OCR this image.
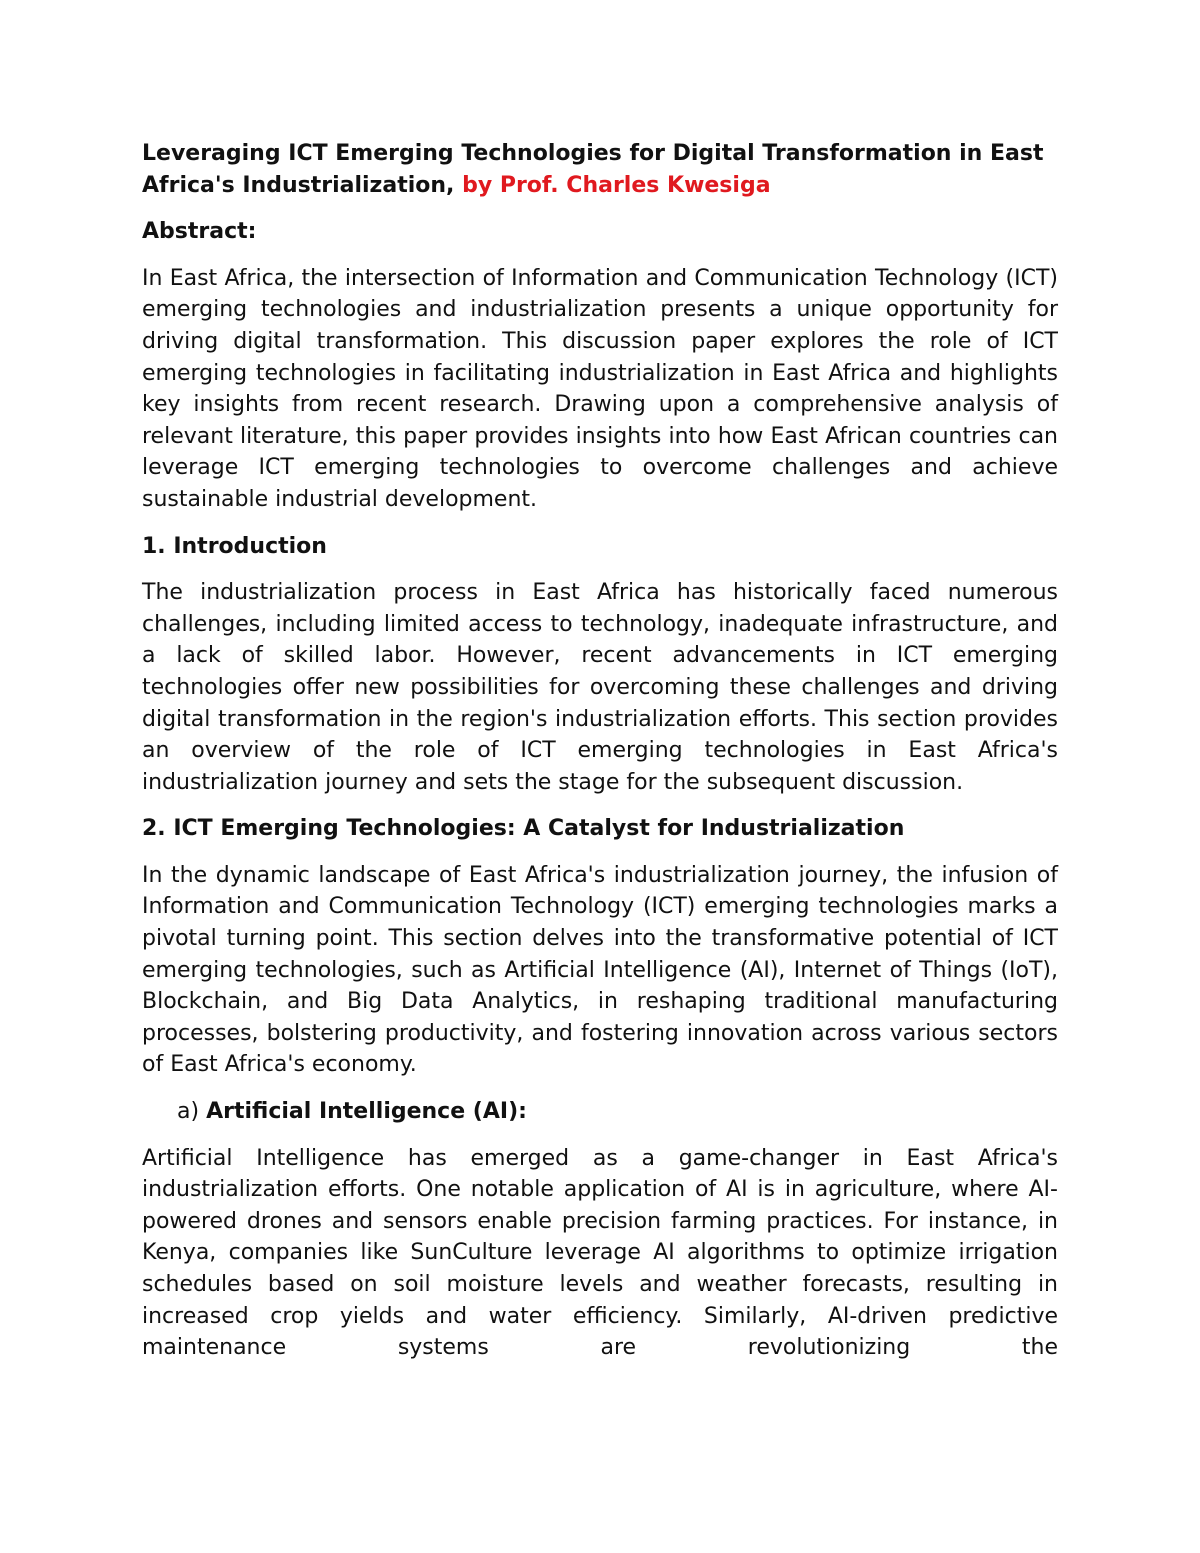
Leveraging ICT Emerging Technologies for Digital Transformation in East Africa's Industrialization, by Prof. Charles Kwesiga
Abstract:

In East Africa, the intersection of Information and Communication Technology (ICT) emerging technologies and industrialization presents a unique opportunity for driving digital transformation. This discussion paper explores the role of ICT emerging technologies in facilitating industrialization in East Africa and highlights key insights from recent research. Drawing upon a comprehensive analysis of relevant literature, this paper provides insights into how East African countries can leverage ICT emerging technologies to overcome challenges and achieve sustainable industrial development.

1. Introduction

The industrialization process in East Africa has historically faced numerous challenges, including limited access to technology, inadequate infrastructure, and a lack of skilled labor. However, recent advancements in ICT emerging technologies offer new possibilities for overcoming these challenges and driving digital transformation in the region's industrialization efforts. This section provides an overview of the role of ICT emerging technologies in East Africa's industrialization journey and sets the stage for the subsequent discussion.

2. ICT Emerging Technologies: A Catalyst for Industrialization

In the dynamic landscape of East Africa's industrialization journey, the infusion of Information and Communication Technology (ICT) emerging technologies marks a pivotal turning point. This section delves into the transformative potential of ICT emerging technologies, such as Artificial Intelligence (AI), Internet of Things (IoT), Blockchain, and Big Data Analytics, in reshaping traditional manufacturing processes, bolstering productivity, and fostering innovation across various sectors of East Africa's economy.

a) Artificial Intelligence (AI):

Artificial Intelligence has emerged as a game-changer in East Africa's industrialization efforts. One notable application of AI is in agriculture, where AI-powered drones and sensors enable precision farming practices. For instance, in Kenya, companies like SunCulture leverage AI algorithms to optimize irrigation schedules based on soil moisture levels and weather forecasts, resulting in increased crop yields and water efficiency. Similarly, AI-driven predictive maintenance systems are revolutionizing the
